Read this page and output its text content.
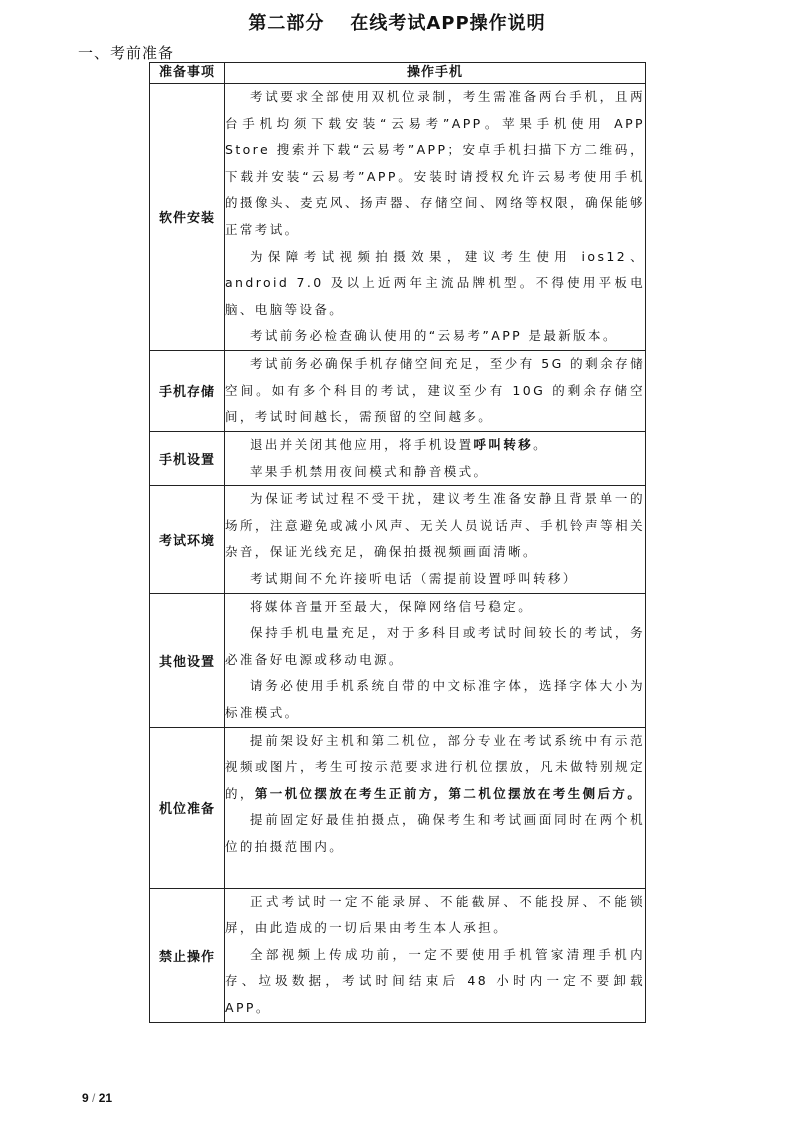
第二部分 在线考试APP操作说明
一、考前准备
准备事项	操作手机
软件安装	考试要求全部使用双机位录制，考生需准备两台手机，且两台手机均须下载安装“云易考”APP。苹果手机使用 APP Store 搜索并下载“云易考”APP；安卓手机扫描下方二维码，下载并安装“云易考”APP。安装时请授权允许云易考使用手机的摄像头、麦克风、扬声器、存储空间、网络等权限，确保能够正常考试。

为保障考试视频拍摄效果，建议考生使用 ios12、android 7.0 及以上近两年主流品牌机型。不得使用平板电脑、电脑等设备。

考试前务必检查确认使用的“云易考”APP 是最新版本。

手机存储	考试前务必确保手机存储空间充足，至少有 5G 的剩余存储空间。如有多个科目的考试，建议至少有 10G 的剩余存储空间，考试时间越长，需预留的空间越多。

手机设置	退出并关闭其他应用，将手机设置呼叫转移。

苹果手机禁用夜间模式和静音模式。

考试环境	为保证考试过程不受干扰，建议考生准备安静且背景单一的场所，注意避免或减小风声、无关人员说话声、手机铃声等相关杂音，保证光线充足，确保拍摄视频画面清晰。

考试期间不允许接听电话（需提前设置呼叫转移）

其他设置	将媒体音量开至最大，保障网络信号稳定。

保持手机电量充足，对于多科目或考试时间较长的考试，务必准备好电源或移动电源。

请务必使用手机系统自带的中文标准字体，选择字体大小为标准模式。

机位准备	提前架设好主机和第二机位，部分专业在考试系统中有示范视频或图片，考生可按示范要求进行机位摆放，凡未做特别规定的，第一机位摆放在考生正前方，第二机位摆放在考生侧后方。

提前固定好最佳拍摄点，确保考生和考试画面同时在两个机位的拍摄范围内。

禁止操作	正式考试时一定不能录屏、不能截屏、不能投屏、不能锁屏，由此造成的一切后果由考生本人承担。

全部视频上传成功前，一定不要使用手机管家清理手机内存、垃圾数据，考试时间结束后 48 小时内一定不要卸载APP。

9 / 21
